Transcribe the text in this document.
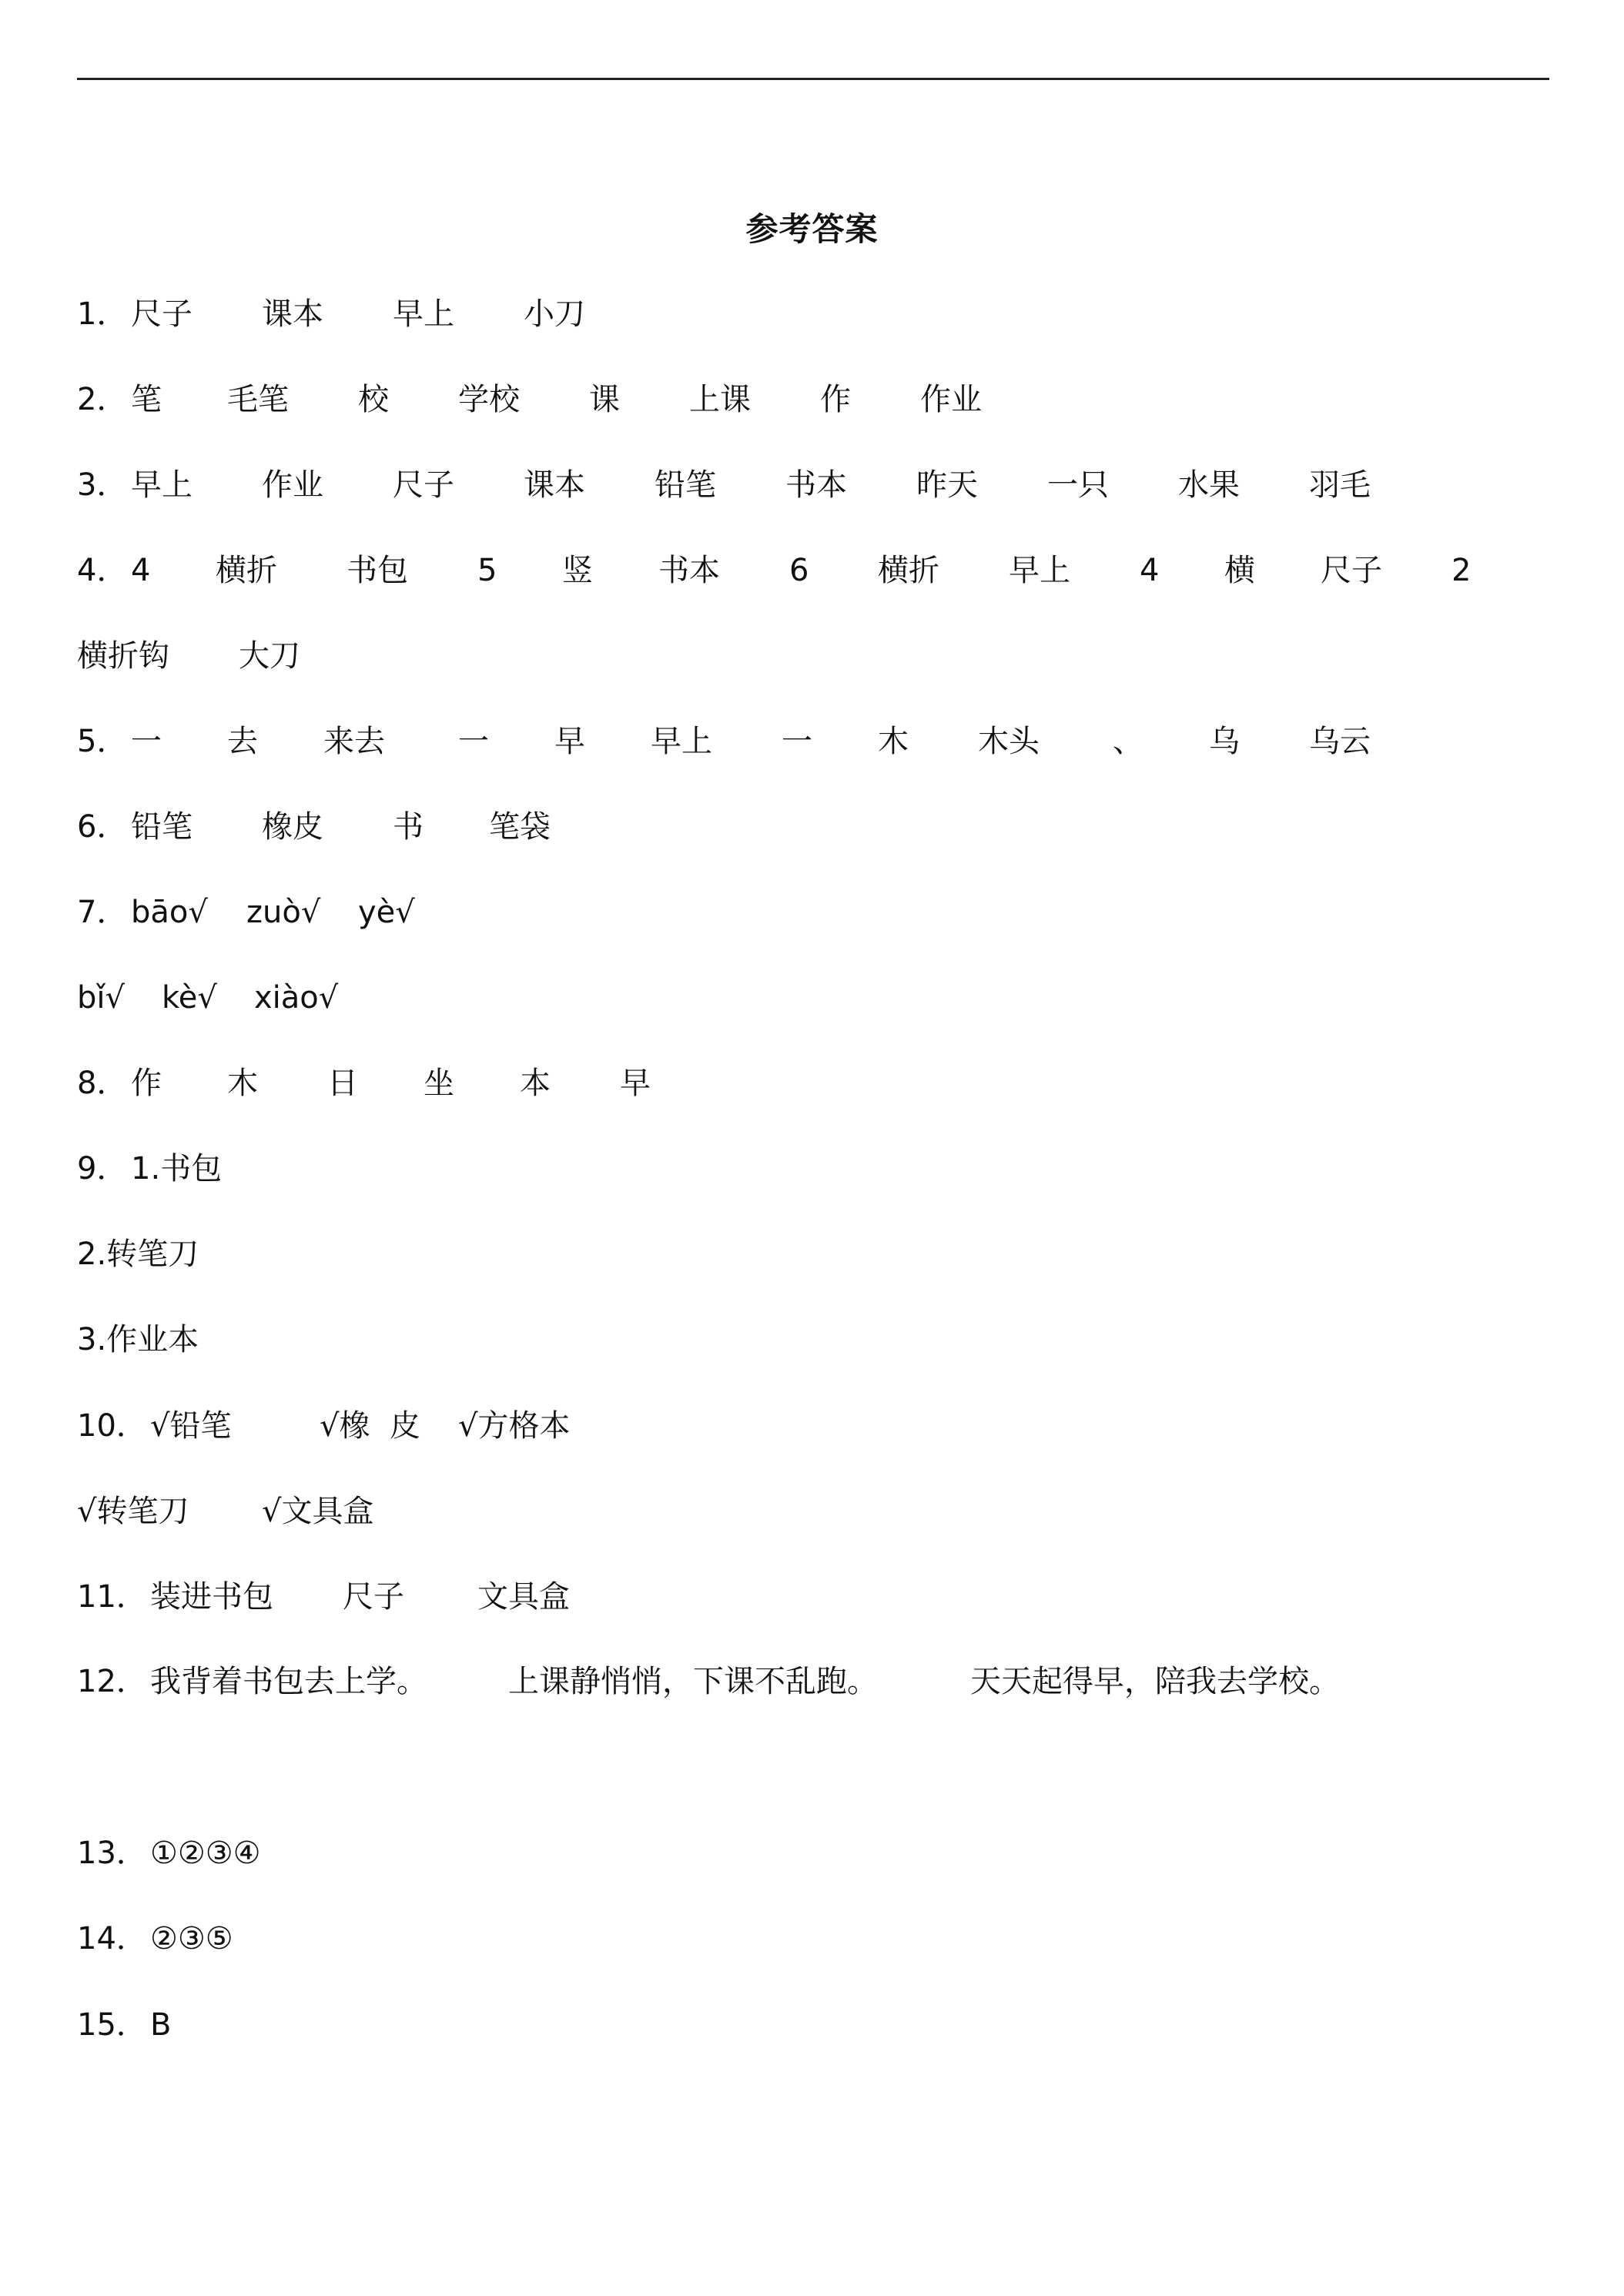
参考答案
1． 尺子 课本 早上 小刀
2． 笔 毛笔 校 学校 课 上课 作 作业
3． 早上 作业 尺子 课本 铅笔 书本 昨天 一只 水果 羽毛
4． 4 横折 书包 5 竖 书本 6 横折 早上 4 横 尺子 2
横折钩 大刀
5． 一 去 来去 一 早 早上 一 木 木头 、 乌 乌云
6． 铅笔 橡皮 书 笔袋
7． bāo√ zuò√ yè√
bǐ√ kè√ xiào√
8． 作 木 日 坐 本 早
9． 1.书包
2.转笔刀
3.作业本
10． √铅笔	√橡  皮 √方格本
√转笔刀 √文具盒
11． 装进书包 尺子 文具盒
12． 我背着书包去上学。	上课静悄悄，下课不乱跑。	天天起得早，陪我去学校。
13． ①②③④
14． ②③⑤
15． B
